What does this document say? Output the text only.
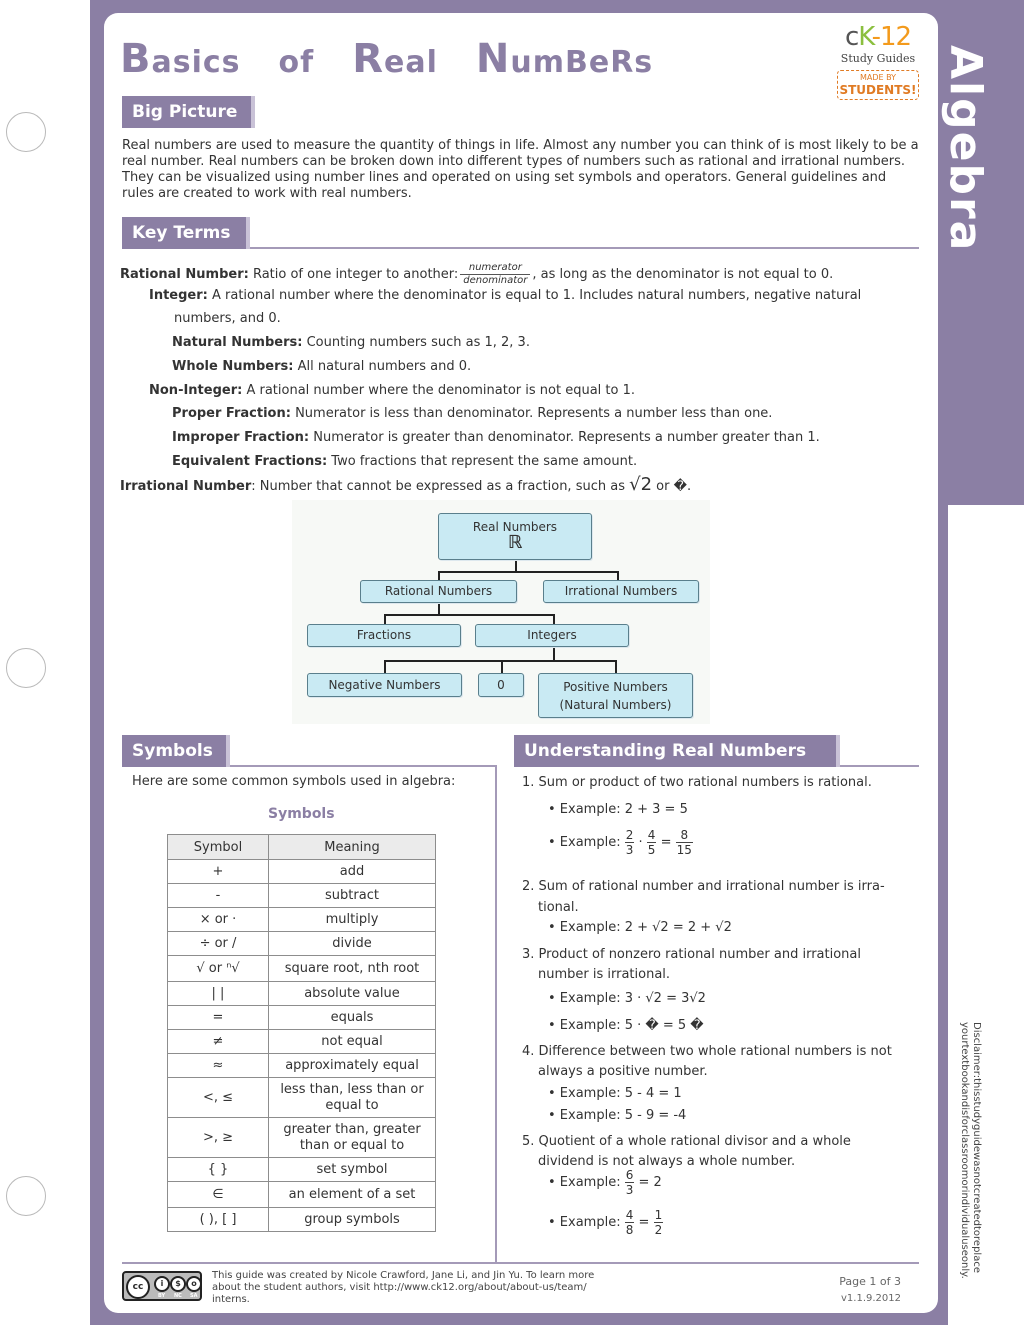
Algebra
Disclaimer:thisstudyguidewasnotcreatedtoreplace yourtextbookandisforclassroomorindividualuseonly.
Basics of Real NumBeRs
cK-12
Study Guides
MADE BY
STUDENTS!
Big Picture
Real numbers are used to measure the quantity of things in life. Almost any number you can think of is most likely to be a real number. Real numbers can be broken down into different types of numbers such as rational and irrational numbers. They can be visualized using number lines and operated on using set symbols and operators. General guidelines and rules are created to work with real numbers.
Key Terms
Rational Number: Ratio of one integer to another: $\frac{\text{numerator}}{\text{denominator}}$ , as long as the denominator is not equal to 0.
Integer: A rational number where the denominator is equal to 1. Includes natural numbers, negative natural
numbers, and 0.
Natural Numbers: Counting numbers such as 1, 2, 3.
Whole Numbers: All natural numbers and 0.
Non-Integer: A rational number where the denominator is not equal to 1.
Proper Fraction: Numerator is less than denominator. Represents a number less than one.
Improper Fraction: Numerator is greater than denominator. Represents a number greater than 1.
Equivalent Fractions: Two fractions that represent the same amount.
Irrational Number: Number that cannot be expressed as a fraction, such as √2 or �.
Real Numbers
ℝ
Rational Numbers	Irrational Numbers
Fractions	Integers
Negative Numbers	0	Positive Numbers
(Natural Numbers)
Symbols
Here are some common symbols used in algebra:
Symbols
Symbol	Meaning
+	add
-	subtract
× or ·	multiply
÷ or /	divide
√ or ⁿ√	square root, nth root
| |	absolute value
=	equals
≠	not equal
≈	approximately equal
<, ≤	less than, less than or equal to
>, ≥	greater than, greater than or equal to
{ }	set symbol
∈	an element of a set
( ), [ ]	group symbols
Understanding Real Numbers
1. Sum or product of two rational numbers is rational.
• Example: 2 + 3 = 5
• Example: $\frac{2}{3} \cdot \frac{4}{5} = \frac{8}{15}$
2. Sum of rational number and irrational number is irra-
tional.
• Example: 2 + √2 = 2 + √2
3. Product of nonzero rational number and irrational
number is irrational.
• Example: 3 · √2 = 3√2
• Example: 5 · � = 5 �
4. Difference between two whole rational numbers is not
always a positive number.
• Example: 5 - 4 = 1
• Example: 5 - 9 = -4
5. Quotient of a whole rational divisor and a whole
dividend is not always a whole number.
• Example: $\frac{6}{3} = 2$
• Example: $\frac{4}{8} = \frac{1}{2}$
cc	i	$	o
BY NC SA
This guide was created by Nicole Crawford, Jane Li, and Jin Yu. To learn more about the student authors, visit http://www.ck12.org/about/about-us/team/ interns.
Page 1 of 3
v1.1.9.2012
